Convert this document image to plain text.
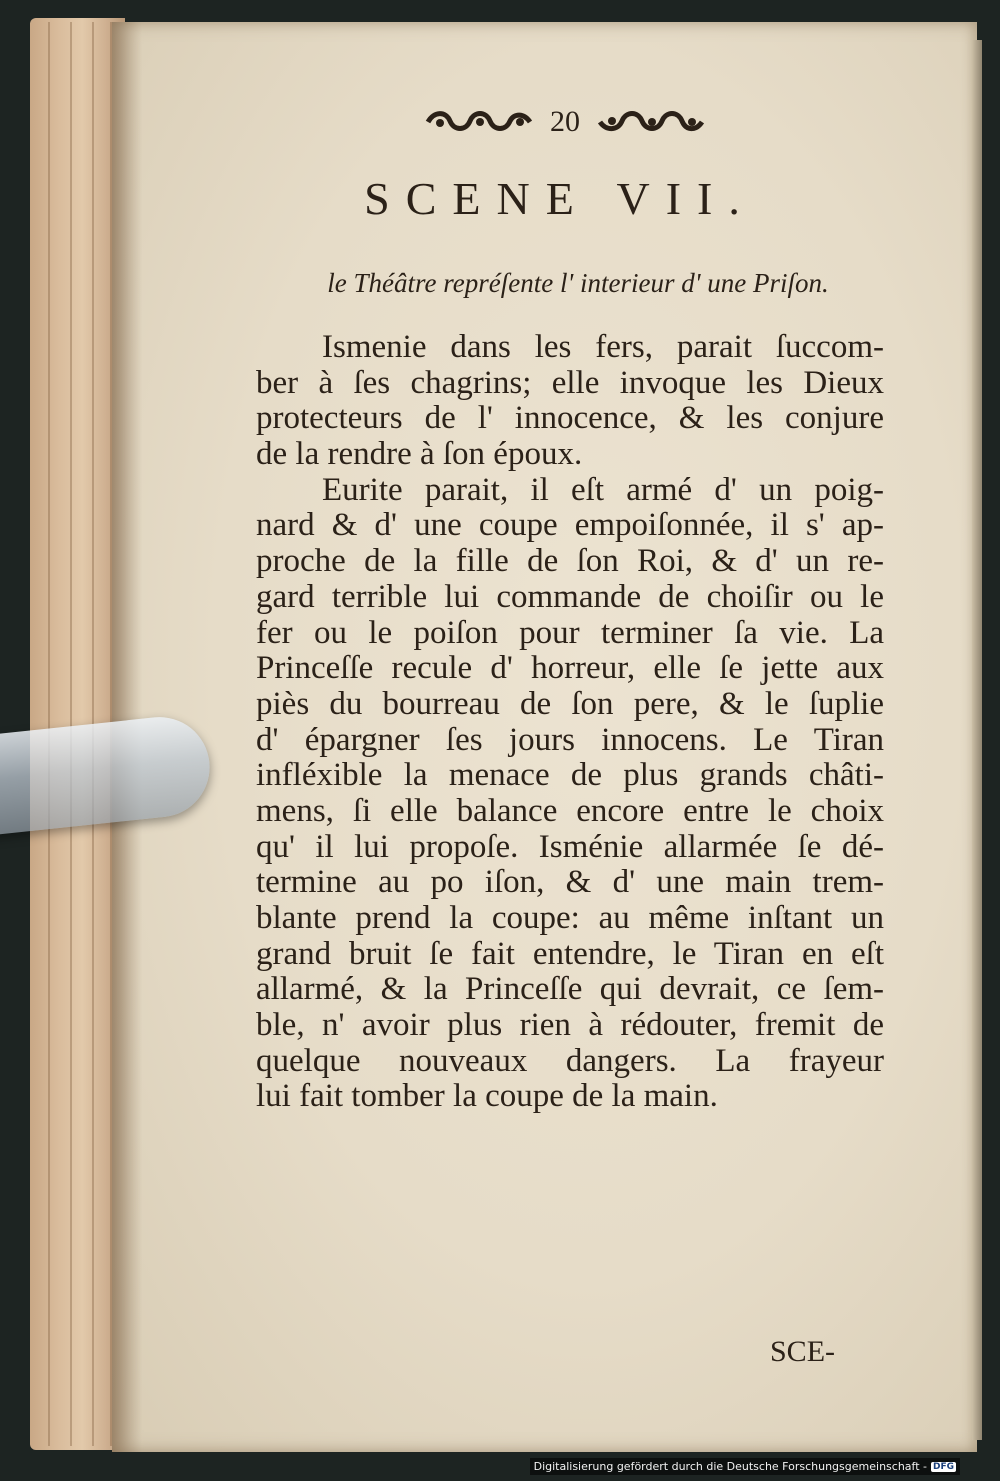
20
SCENE VII.

le Théâtre repréſente l' interieur d' une Priſon.

Ismenie dans les fers, parait ſuccom-
ber à ſes chagrins; elle invoque les Dieux
protecteurs de l' innocence, & les conjure
de la rendre à ſon époux.
Eurite parait, il eſt armé d' un poig-
nard & d' une coupe empoiſonnée, il s' ap-
proche de la fille de ſon Roi, & d' un re-
gard terrible lui commande de choiſir ou le
fer ou le poiſon pour terminer ſa vie. La
Princeſſe recule d' horreur, elle ſe jette aux
piès du bourreau de ſon pere, & le ſuplie
d' épargner ſes jours innocens. Le Tiran
infléxible la menace de plus grands châti-
mens, ſi elle balance encore entre le choix
qu' il lui propoſe. Isménie allarmée ſe dé-
termine au po iſon, & d' une main trem-
blante prend la coupe: au même inſtant un
grand bruit ſe fait entendre, le Tiran en eſt
allarmé, & la Princeſſe qui devrait, ce ſem-
ble, n' avoir plus rien à rédouter, fremit de
quelque nouveaux dangers. La frayeur
lui fait tomber la coupe de la main.
SCE-
Digitalisierung gefördert durch die Deutsche Forschungsgemeinschaft - DFG
